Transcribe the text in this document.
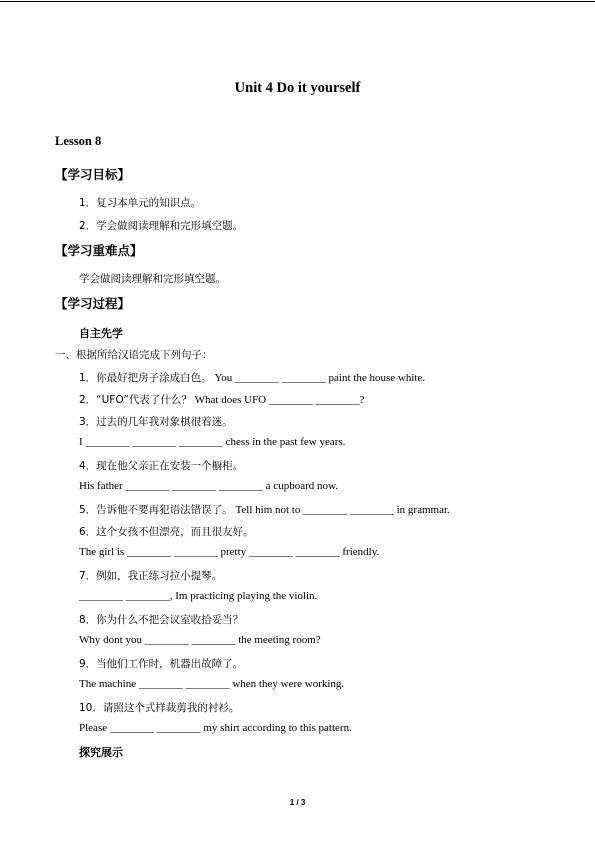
Unit 4 Do it yourself
Lesson 8
【学习目标】
1．复习本单元的知识点。
2．学会做阅读理解和完形填空题。
【学习重难点】
学会做阅读理解和完形填空题。
【学习过程】
自主先学
一、根据所给汉语完成下列句子：
1．你最好把房子涂成白色。 You ________ ________ paint the house white.
2．“UFO”代表了什么？ What does UFO ________ ________?
3．过去的几年我对象棋很着迷。
I ________ ________ ________ chess in the past few years.
4．现在他父亲正在安装一个橱柜。
His father ________ ________ ________ a cupboard now.
5．告诉他不要再犯语法错误了。 Tell him not to ________ ________ in grammar.
6．这个女孩不但漂亮，而且很友好。
The girl is ________ ________ pretty ________ ________ friendly.
7．例如，我正练习拉小提琴。
________ ________, Im practicing playing the violin.
8．你为什么不把会议室收拾妥当？
Why dont you ________ ________ the meeting room?
9．当他们工作时，机器出故障了。
The machine ________ ________ when they were working.
10．请照这个式样裁剪我的衬衫。
Please ________ ________ my shirt according to this pattern.
探究展示
1 / 3
